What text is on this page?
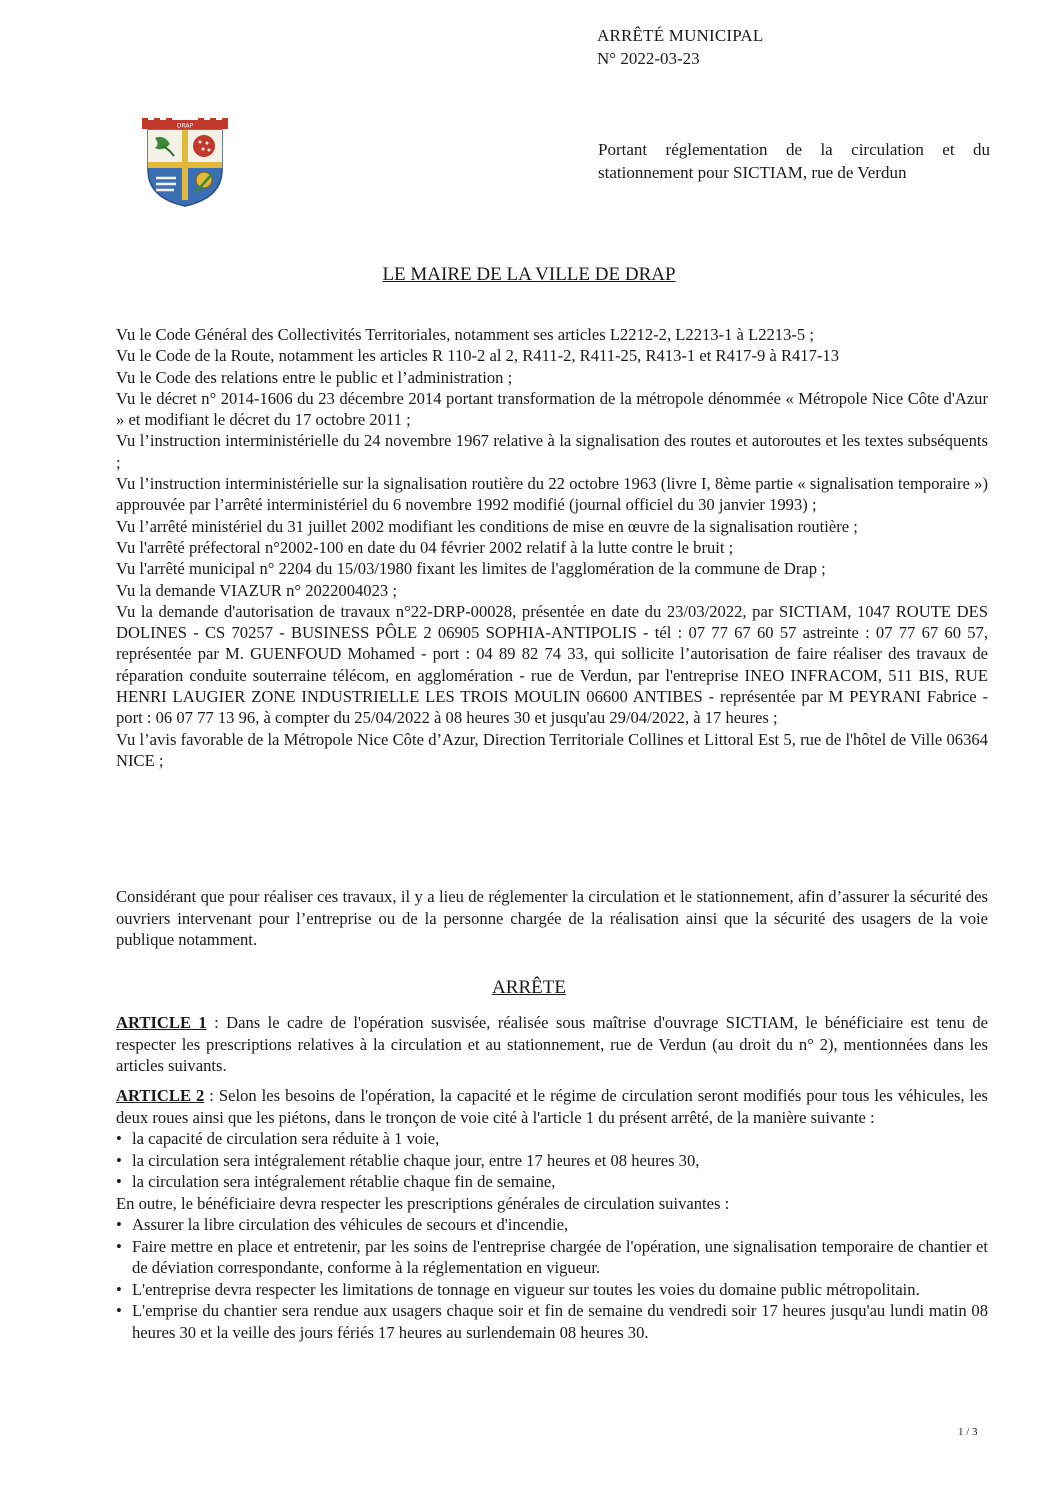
ARRÊTÉ MUNICIPAL
N° 2022-03-23
DRAP
Portant réglementation de la circulation et du stationnement pour SICTIAM, rue de Verdun
LE MAIRE DE LA VILLE DE DRAP

Vu le Code Général des Collectivités Territoriales, notamment ses articles L2212-2, L2213-1 à L2213-5 ;

Vu le Code de la Route, notamment les articles R 110-2 al 2, R411-2, R411-25, R413-1 et R417-9 à R417-13

Vu le Code des relations entre le public et l’administration ;

Vu le décret n° 2014-1606 du 23 décembre 2014 portant transformation de la métropole dénommée « Métropole Nice Côte d'Azur » et modifiant le décret du 17 octobre 2011 ;

Vu l’instruction interministérielle du 24 novembre 1967 relative à la signalisation des routes et autoroutes et les textes subséquents ;

Vu l’instruction interministérielle sur la signalisation routière du 22 octobre 1963 (livre I, 8ème partie « signalisation temporaire ») approuvée par l’arrêté interministériel du 6 novembre 1992 modifié (journal officiel du 30 janvier 1993) ;

Vu l’arrêté ministériel du 31 juillet 2002 modifiant les conditions de mise en œuvre de la signalisation routière ;

Vu l'arrêté préfectoral n°2002-100 en date du 04 février 2002 relatif à la lutte contre le bruit ;

Vu l'arrêté municipal n° 2204 du 15/03/1980 fixant les limites de l'agglomération de la commune de Drap ;

Vu la demande VIAZUR n° 2022004023 ;

Vu la demande d'autorisation de travaux n°22-DRP-00028, présentée en date du 23/03/2022, par SICTIAM, 1047 ROUTE DES DOLINES - CS 70257 - BUSINESS PÔLE 2 06905 SOPHIA-ANTIPOLIS - tél : 07 77 67 60 57 astreinte : 07 77 67 60 57, représentée par M. GUENFOUD Mohamed - port : 04 89 82 74 33, qui sollicite l’autorisation de faire réaliser des travaux de réparation conduite souterraine télécom, en agglomération - rue de Verdun, par l'entreprise INEO INFRACOM, 511 BIS, RUE HENRI LAUGIER ZONE INDUSTRIELLE LES TROIS MOULIN 06600 ANTIBES - représentée par M PEYRANI Fabrice - port : 06 07 77 13 96, à compter du 25/04/2022 à 08 heures 30 et jusqu'au 29/04/2022, à 17 heures ;

Vu l’avis favorable de la Métropole Nice Côte d’Azur, Direction Territoriale Collines et Littoral Est 5, rue de l'hôtel de Ville 06364 NICE ;

Considérant que pour réaliser ces travaux, il y a lieu de réglementer la circulation et le stationnement, afin d’assurer la sécurité des ouvriers intervenant pour l’entreprise ou de la personne chargée de la réalisation ainsi que la sécurité des usagers de la voie publique notamment.
ARRÊTE
ARTICLE 1 : Dans le cadre de l'opération susvisée, réalisée sous maîtrise d'ouvrage SICTIAM, le bénéficiaire est tenu de respecter les prescriptions relatives à la circulation et au stationnement, rue de Verdun (au droit du n° 2), mentionnées dans les articles suivants.

ARTICLE 2 : Selon les besoins de l'opération, la capacité et le régime de circulation seront modifiés pour tous les véhicules, les deux roues ainsi que les piétons, dans le tronçon de voie cité à l'article 1 du présent arrêté, de la manière suivante :

• la capacité de circulation sera réduite à 1 voie,
• la circulation sera intégralement rétablie chaque jour, entre 17 heures et 08 heures 30,
• la circulation sera intégralement rétablie chaque fin de semaine,

En outre, le bénéficiaire devra respecter les prescriptions générales de circulation suivantes :

• Assurer la libre circulation des véhicules de secours et d'incendie,
• Faire mettre en place et entretenir, par les soins de l'entreprise chargée de l'opération, une signalisation temporaire de chantier et de déviation correspondante, conforme à la réglementation en vigueur.
• L'entreprise devra respecter les limitations de tonnage en vigueur sur toutes les voies du domaine public métropolitain.
• L'emprise du chantier sera rendue aux usagers chaque soir et fin de semaine du vendredi soir 17 heures jusqu'au lundi matin 08 heures 30 et la veille des jours fériés 17 heures au surlendemain 08 heures 30.
1 / 3
